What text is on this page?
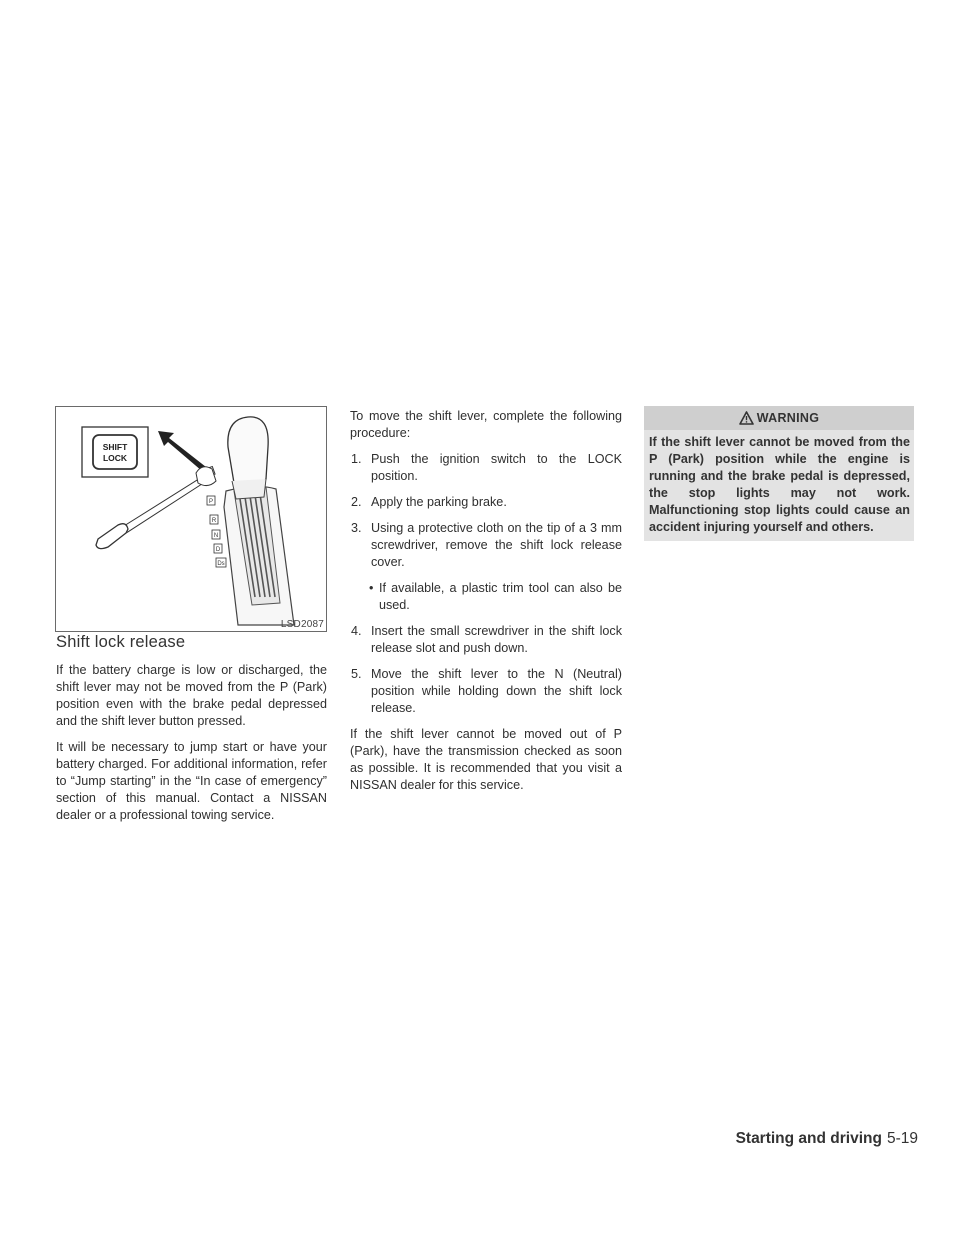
SHIFT
LOCK
P
R
N
D
Ds
LSD2087
Shift lock release

If the battery charge is low or discharged, the shift lever may not be moved from the P (Park) position even with the brake pedal depressed and the shift lever button pressed.

It will be necessary to jump start or have your battery charged. For additional information, refer to “Jump starting” in the “In case of emergency” section of this manual. Contact a NISSAN dealer or a professional towing service.

To move the shift lever, complete the following procedure:

1. Push the ignition switch to the LOCK position.
2. Apply the parking brake.
3. Using a protective cloth on the tip of a 3 mm screwdriver, remove the shift lock release cover.
• If available, a plastic trim tool can also be used.
4. Insert the small screwdriver in the shift lock release slot and push down.
5. Move the shift lever to the N (Neutral) position while holding down the shift lock release.

If the shift lever cannot be moved out of P (Park), have the transmission checked as soon as possible. It is recommended that you visit a NISSAN dealer for this service.

WARNING
If the shift lever cannot be moved from the P (Park) position while the engine is running and the brake pedal is depressed, the stop lights may not work. Malfunctioning stop lights could cause an accident injuring yourself and others.
Starting and driving 5-19
